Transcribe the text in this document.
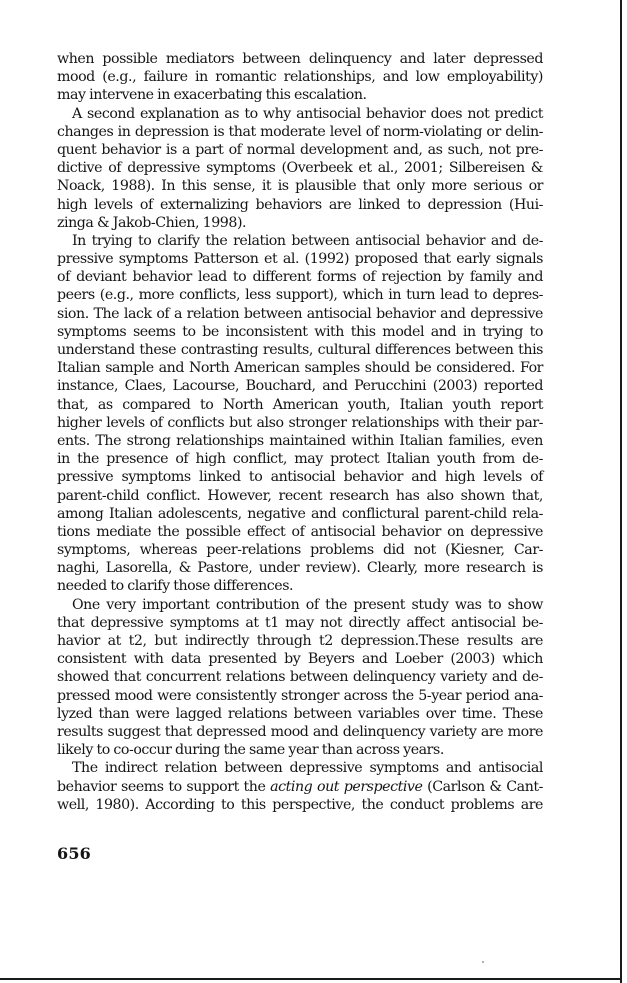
when possible mediators between delinquency and later depressed
mood (e.g., failure in romantic relationships, and low employability)
may intervene in exacerbating this escalation.
A second explanation as to why antisocial behavior does not predict
changes in depression is that moderate level of norm-violating or delin-
quent behavior is a part of normal development and, as such, not pre-
dictive of depressive symptoms (Overbeek et al., 2001; Silbereisen &
Noack, 1988). In this sense, it is plausible that only more serious or
high levels of externalizing behaviors are linked to depression (Hui-
zinga & Jakob-Chien, 1998).
In trying to clarify the relation between antisocial behavior and de-
pressive symptoms Patterson et al. (1992) proposed that early signals
of deviant behavior lead to different forms of rejection by family and
peers (e.g., more conflicts, less support), which in turn lead to depres-
sion. The lack of a relation between antisocial behavior and depressive
symptoms seems to be inconsistent with this model and in trying to
understand these contrasting results, cultural differences between this
Italian sample and North American samples should be considered. For
instance, Claes, Lacourse, Bouchard, and Perucchini (2003) reported
that, as compared to North American youth, Italian youth report
higher levels of conflicts but also stronger relationships with their par-
ents. The strong relationships maintained within Italian families, even
in the presence of high conflict, may protect Italian youth from de-
pressive symptoms linked to antisocial behavior and high levels of
parent-child conflict. However, recent research has also shown that,
among Italian adolescents, negative and conflictural parent-child rela-
tions mediate the possible effect of antisocial behavior on depressive
symptoms, whereas peer-relations problems did not (Kiesner, Car-
naghi, Lasorella, & Pastore, under review). Clearly, more research is
needed to clarify those differences.
One very important contribution of the present study was to show
that depressive symptoms at t1 may not directly affect antisocial be-
havior at t2, but indirectly through t2 depression.These results are
consistent with data presented by Beyers and Loeber (2003) which
showed that concurrent relations between delinquency variety and de-
pressed mood were consistently stronger across the 5-year period ana-
lyzed than were lagged relations between variables over time. These
results suggest that depressed mood and delinquency variety are more
likely to co-occur during the same year than across years.
The indirect relation between depressive symptoms and antisocial
behavior seems to support the acting out perspective (Carlson & Cant-
well, 1980). According to this perspective, the conduct problems are
656
